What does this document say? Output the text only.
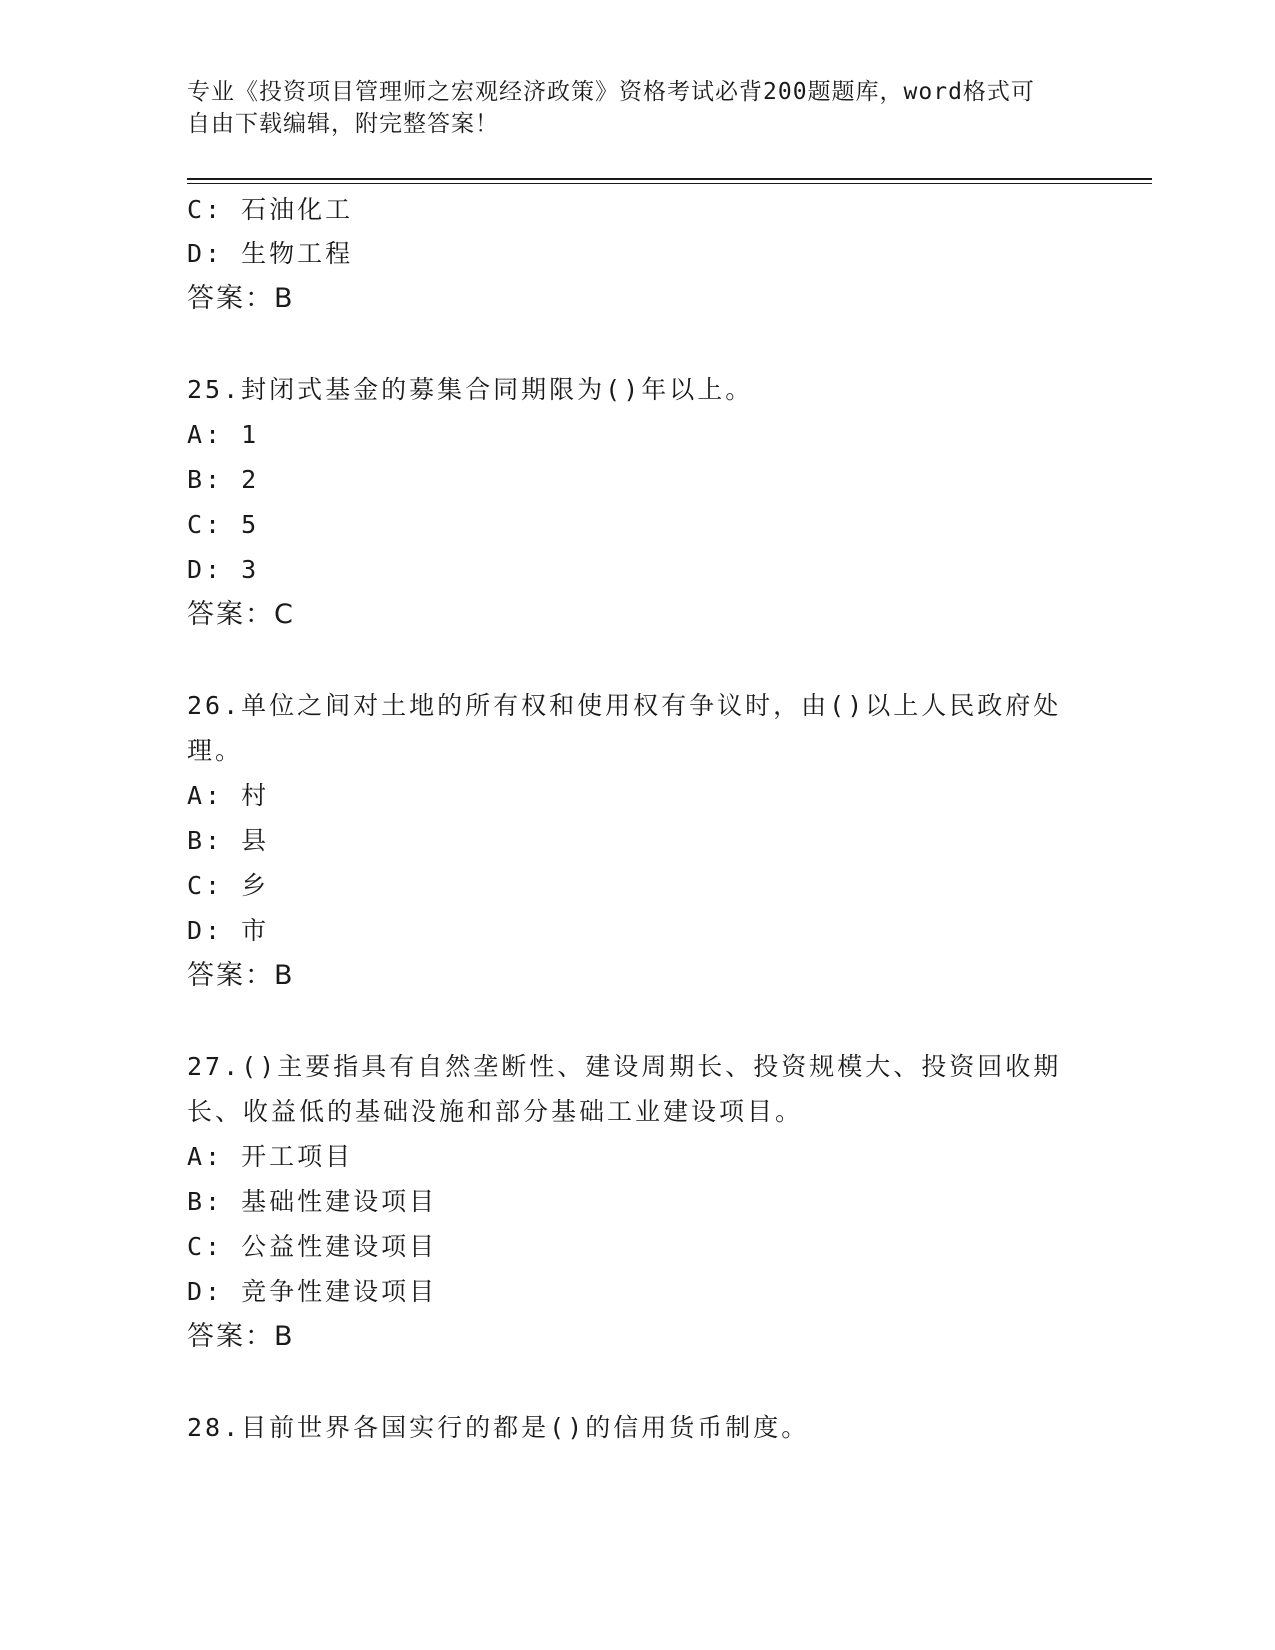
专业《投资项目管理师之宏观经济政策》资格考试必背200题题库，word格式可
自由下载编辑，附完整答案！
C: 石油化工
D: 生物工程
答案：B
25.封闭式基金的募集合同期限为()年以上。
A: 1
B: 2
C: 5
D: 3
答案：C
26.单位之间对土地的所有权和使用权有争议时，由()以上人民政府处
理。
A: 村
B: 县
C: 乡
D: 市
答案：B
27.()主要指具有自然垄断性、建设周期长、投资规模大、投资回收期
长、收益低的基础没施和部分基础工业建设项目。
A: 开工项目
B: 基础性建设项目
C: 公益性建设项目
D: 竞争性建设项目
答案：B
28.目前世界各国实行的都是()的信用货币制度。
